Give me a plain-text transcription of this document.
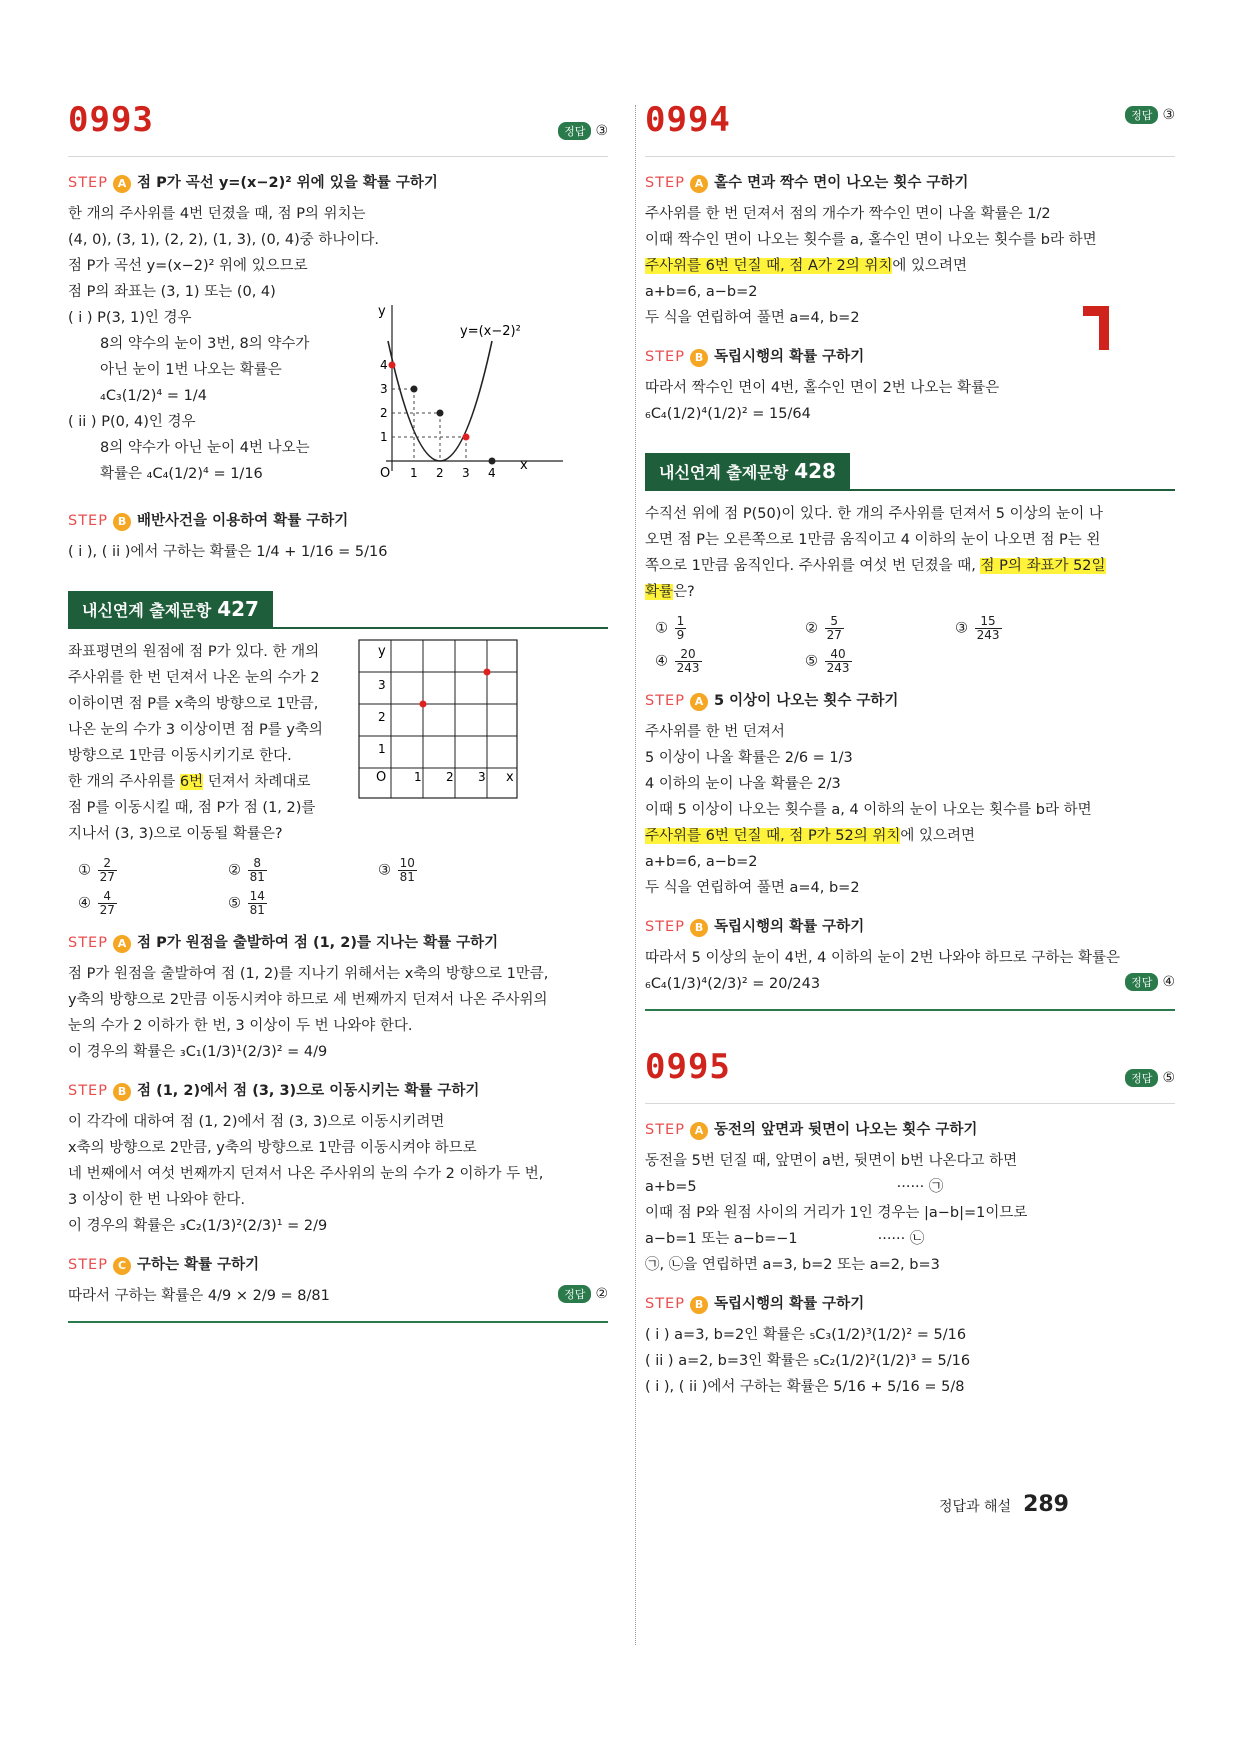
0993	정답 ③
STEP A 점 P가 곡선 y=(x−2)² 위에 있을 확률 구하기

한 개의 주사위를 4번 던졌을 때, 점 P의 위치는

(4, 0), (3, 1), (2, 2), (1, 3), (0, 4)중 하나이다.

점 P가 곡선 y=(x−2)² 위에 있으므로

점 P의 좌표는 (3, 1) 또는 (0, 4)

( i ) P(3, 1)인 경우

8의 약수의 눈이 3번, 8의 약수가

아닌 눈이 1번 나오는 확률은

₄C₃(1/2)⁴ = 1/4

( ii ) P(0, 4)인 경우

8의 약수가 아닌 눈이 4번 나오는

확률은 ₄C₄(1/2)⁴ = 1/16

y
x
O 1 2 3 4
1
2
3
4
y=(x−2)²
STEP B 배반사건을 이용하여 확률 구하기

( i ), ( ii )에서 구하는 확률은 1/4 + 1/16 = 5/16

내신연계 출제문항 427

좌표평면의 원점에 점 P가 있다. 한 개의

주사위를 한 번 던져서 나온 눈의 수가 2

이하이면 점 P를 x축의 방향으로 1만큼,

나온 눈의 수가 3 이상이면 점 P를 y축의

방향으로 1만큼 이동시키기로 한다.

한 개의 주사위를 6번 던져서 차례대로

점 P를 이동시킬 때, 점 P가 점 (1, 2)를

지나서 (3, 3)으로 이동될 확률은?

y
x
O 1 2 3
1
2
3
① $\frac{2}{27}$	② $\frac{8}{81}$	③ $\frac{10}{81}$
④ $\frac{4}{27}$	⑤ $\frac{14}{81}$
STEP A 점 P가 원점을 출발하여 점 (1, 2)를 지나는 확률 구하기

점 P가 원점을 출발하여 점 (1, 2)를 지나기 위해서는 x축의 방향으로 1만큼,

y축의 방향으로 2만큼 이동시켜야 하므로 세 번째까지 던져서 나온 주사위의

눈의 수가 2 이하가 한 번, 3 이상이 두 번 나와야 한다.

이 경우의 확률은 ₃C₁(1/3)¹(2/3)² = 4/9

STEP B 점 (1, 2)에서 점 (3, 3)으로 이동시키는 확률 구하기

이 각각에 대하여 점 (1, 2)에서 점 (3, 3)으로 이동시키려면

x축의 방향으로 2만큼, y축의 방향으로 1만큼 이동시켜야 하므로

네 번째에서 여섯 번째까지 던져서 나온 주사위의 눈의 수가 2 이하가 두 번,

3 이상이 한 번 나와야 한다.

이 경우의 확률은 ₃C₂(1/3)²(2/3)¹ = 2/9

STEP C 구하는 확률 구하기

따라서 구하는 확률은 4/9 × 2/9 = 8/81	정답 ②
0994	정답 ③
STEP A 홀수 면과 짝수 면이 나오는 횟수 구하기

주사위를 한 번 던져서 점의 개수가 짝수인 면이 나올 확률은 1/2

이때 짝수인 면이 나오는 횟수를 a, 홀수인 면이 나오는 횟수를 b라 하면

주사위를 6번 던질 때, 점 A가 2의 위치에 있으려면

a+b=6, a−b=2

두 식을 연립하여 풀면 a=4, b=2

STEP B 독립시행의 확률 구하기

따라서 짝수인 면이 4번, 홀수인 면이 2번 나오는 확률은

₆C₄(1/2)⁴(1/2)² = 15/64

내신연계 출제문항 428

수직선 위에 점 P(50)이 있다. 한 개의 주사위를 던져서 5 이상의 눈이 나

오면 점 P는 오른쪽으로 1만큼 움직이고 4 이하의 눈이 나오면 점 P는 왼

쪽으로 1만큼 움직인다. 주사위를 여섯 번 던졌을 때, 점 P의 좌표가 52일

확률은?

① $\frac{1}{9}$	② $\frac{5}{27}$	③ $\frac{15}{243}$
④ $\frac{20}{243}$	⑤ $\frac{40}{243}$
STEP A 5 이상이 나오는 횟수 구하기

주사위를 한 번 던져서

5 이상이 나올 확률은 2/6 = 1/3

4 이하의 눈이 나올 확률은 2/3

이때 5 이상이 나오는 횟수를 a, 4 이하의 눈이 나오는 횟수를 b라 하면

주사위를 6번 던질 때, 점 P가 52의 위치에 있으려면

a+b=6, a−b=2

두 식을 연립하여 풀면 a=4, b=2

STEP B 독립시행의 확률 구하기

따라서 5 이상의 눈이 4번, 4 이하의 눈이 2번 나와야 하므로 구하는 확률은

₆C₄(1/3)⁴(2/3)² = 20/243	정답 ④
0995	정답 ⑤
STEP A 동전의 앞면과 뒷면이 나오는 횟수 구하기

동전을 5번 던질 때, 앞면이 a번, 뒷면이 b번 나온다고 하면

a+b=5	······ ㉠

이때 점 P와 원점 사이의 거리가 1인 경우는 |a−b|=1이므로

a−b=1 또는 a−b=−1	······ ㉡

㉠, ㉡을 연립하면 a=3, b=2 또는 a=2, b=3

STEP B 독립시행의 확률 구하기

( i ) a=3, b=2인 확률은 ₅C₃(1/2)³(1/2)² = 5/16

( ii ) a=2, b=3인 확률은 ₅C₂(1/2)²(1/2)³ = 5/16

( i ), ( ii )에서 구하는 확률은 5/16 + 5/16 = 5/8

정답과 해설 289
